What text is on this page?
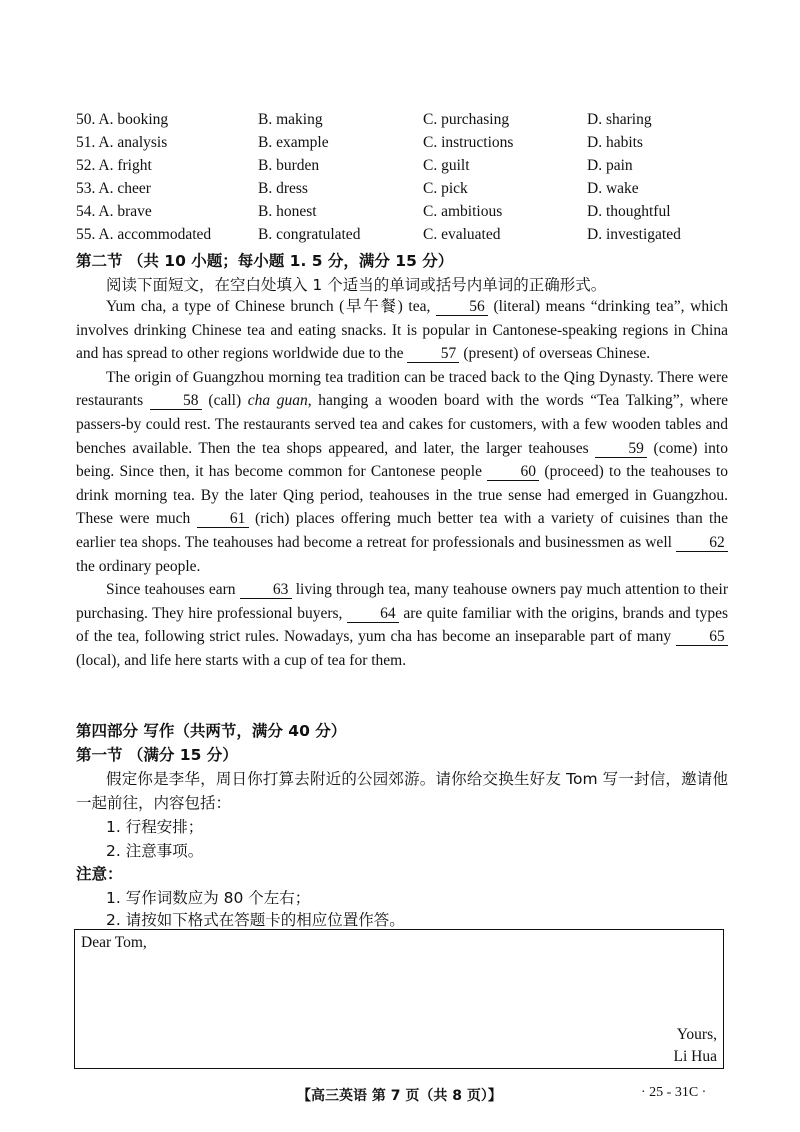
50. A. booking	B. making	C. purchasing	D. sharing
51. A. analysis	B. example	C. instructions	D. habits
52. A. fright	B. burden	C. guilt	D. pain
53. A. cheer	B. dress	C. pick	D. wake
54. A. brave	B. honest	C. ambitious	D. thoughtful
55. A. accommodated	B. congratulated	C. evaluated	D. investigated
第二节 （共 10 小题；每小题 1. 5 分，满分 15 分）
阅读下面短文，在空白处填入 1 个适当的单词或括号内单词的正确形式。

Yum cha, a type of Chinese brunch (早午餐) tea, 56 (literal) means “drinking tea”, which involves drinking Chinese tea and eating snacks. It is popular in Cantonese-speaking regions in China and has spread to other regions worldwide due to the 57 (present) of overseas Chinese.

The origin of Guangzhou morning tea tradition can be traced back to the Qing Dynasty. There were restaurants 58 (call) cha guan, hanging a wooden board with the words “Tea Talking”, where passers-by could rest. The restaurants served tea and cakes for customers, with a few wooden tables and benches available. Then the tea shops appeared, and later, the larger teahouses 59 (come) into being. Since then, it has become common for Cantonese people 60 (proceed) to the teahouses to drink morning tea. By the later Qing period, teahouses in the true sense had emerged in Guangzhou. These were much 61 (rich) places offering much better tea with a variety of cuisines than the earlier tea shops. The teahouses had become a retreat for professionals and businessmen as well 62 the ordinary people.

Since teahouses earn 63 living through tea, many teahouse owners pay much attention to their purchasing. They hire professional buyers, 64 are quite familiar with the origins, brands and types of the tea, following strict rules. Nowadays, yum cha has become an inseparable part of many 65 (local), and life here starts with a cup of tea for them.

第四部分 写作（共两节，满分 40 分）
第一节 （满分 15 分）

假定你是李华，周日你打算去附近的公园郊游。请你给交换生好友 Tom 写一封信，邀请他一起前往，内容包括：

1. 行程安排；
2. 注意事项。
注意：
1. 写作词数应为 80 个左右；
2. 请按如下格式在答题卡的相应位置作答。
Dear Tom,
Yours,
Li Hua
【高三英语 第 7 页（共 8 页）】	· 25 - 31C ·
